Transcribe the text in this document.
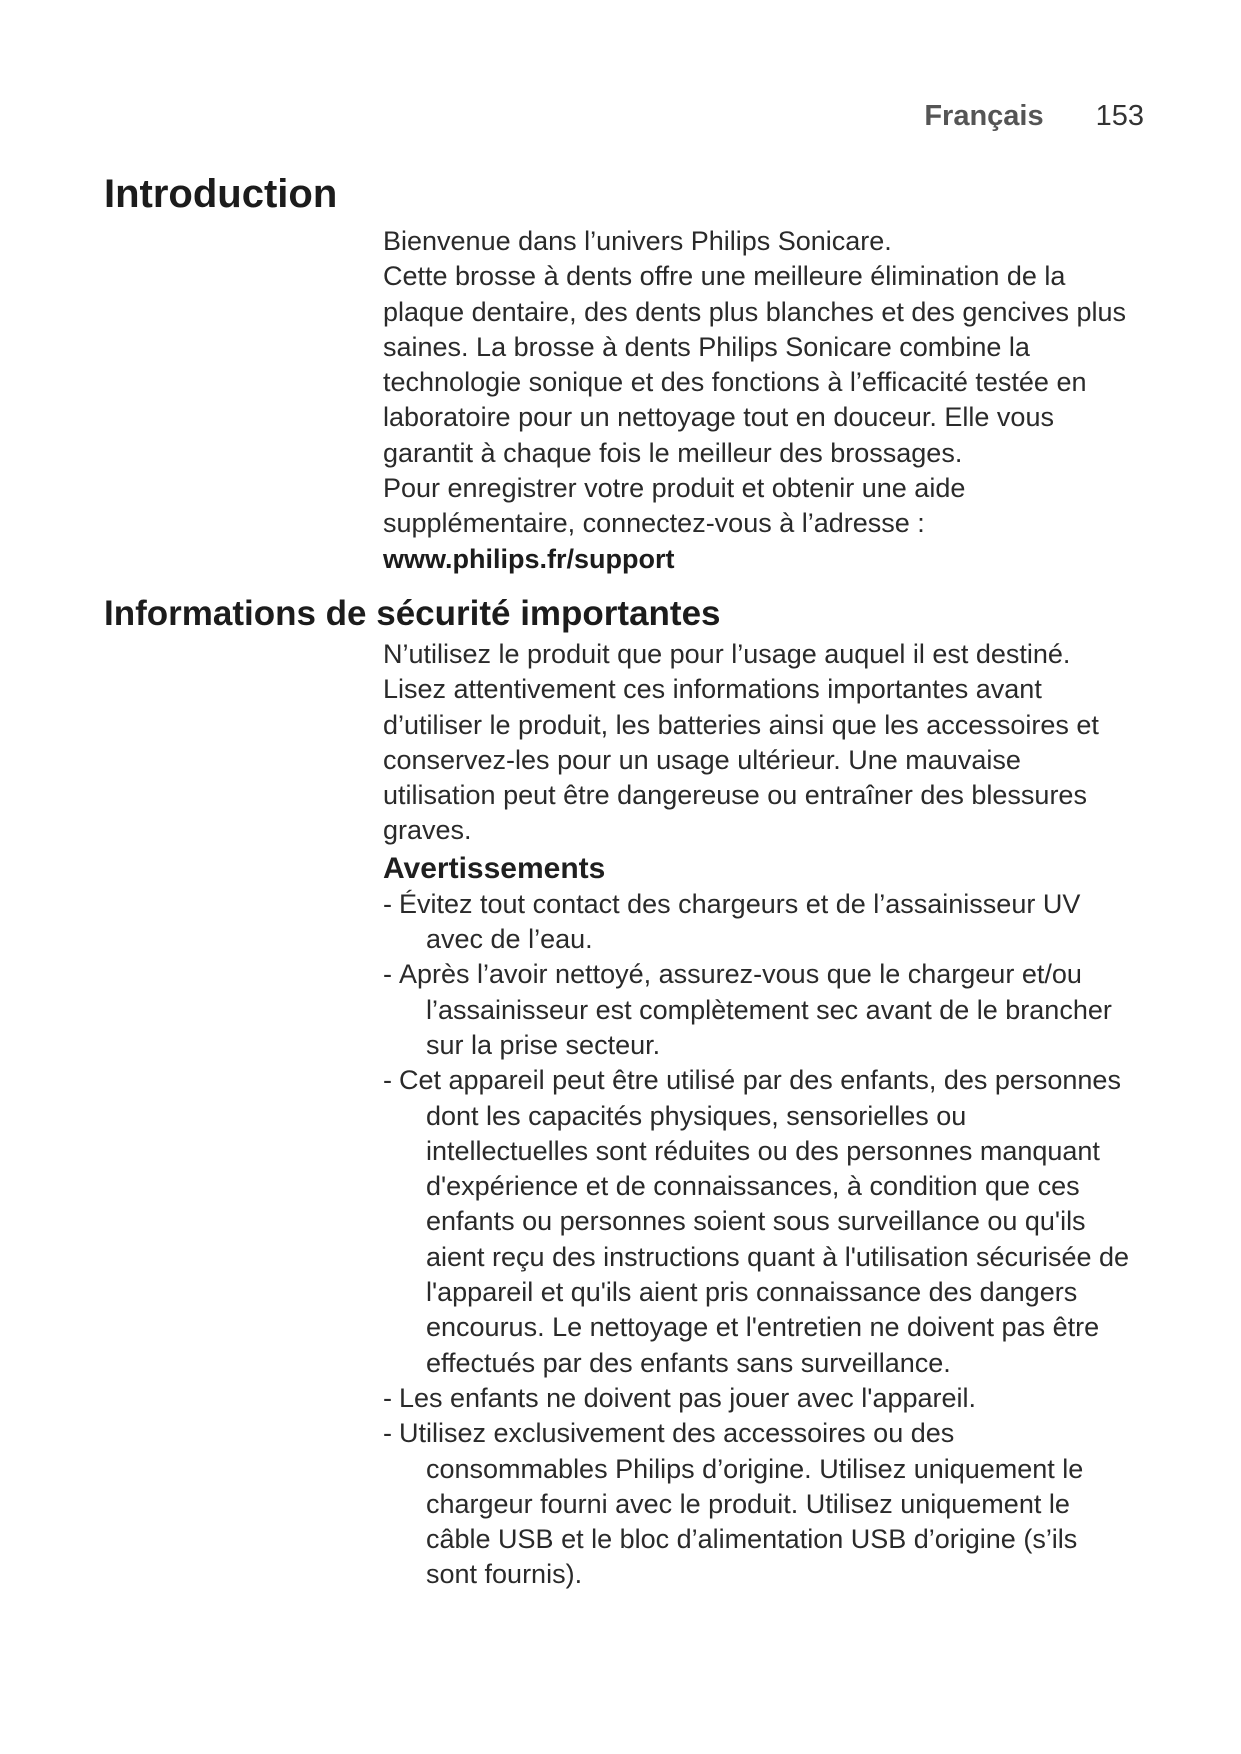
Français 153
Introduction

Bienvenue dans l’univers Philips Sonicare.

Cette brosse à dents offre une meilleure élimination de la plaque dentaire, des dents plus blanches et des gencives plus saines. La brosse à dents Philips Sonicare combine la technologie sonique et des fonctions à l’efficacité testée en laboratoire pour un nettoyage tout en douceur. Elle vous garantit à chaque fois le meilleur des brossages.

Pour enregistrer votre produit et obtenir une aide supplémentaire, connectez-vous à l’adresse :

www.philips.fr/support

Informations de sécurité importantes

N’utilisez le produit que pour l’usage auquel il est destiné. Lisez attentivement ces informations importantes avant d’utiliser le produit, les batteries ainsi que les accessoires et conservez-les pour un usage ultérieur. Une mauvaise utilisation peut être dangereuse ou entraîner des blessures graves.

Avertissements
- Évitez tout contact des chargeurs et de l’assainisseur UV avec de l’eau.
- Après l’avoir nettoyé, assurez-vous que le chargeur et/ou l’assainisseur est complètement sec avant de le brancher sur la prise secteur.
- Cet appareil peut être utilisé par des enfants, des personnes dont les capacités physiques, sensorielles ou intellectuelles sont réduites ou des personnes manquant d'expérience et de connaissances, à condition que ces enfants ou personnes soient sous surveillance ou qu'ils aient reçu des instructions quant à l'utilisation sécurisée de l'appareil et qu'ils aient pris connaissance des dangers encourus. Le nettoyage et l'entretien ne doivent pas être effectués par des enfants sans surveillance.
- Les enfants ne doivent pas jouer avec l'appareil.
- Utilisez exclusivement des accessoires ou des consommables Philips d’origine. Utilisez uniquement le chargeur fourni avec le produit. Utilisez uniquement le câble USB et le bloc d’alimentation USB d’origine (s’ils sont fournis).
